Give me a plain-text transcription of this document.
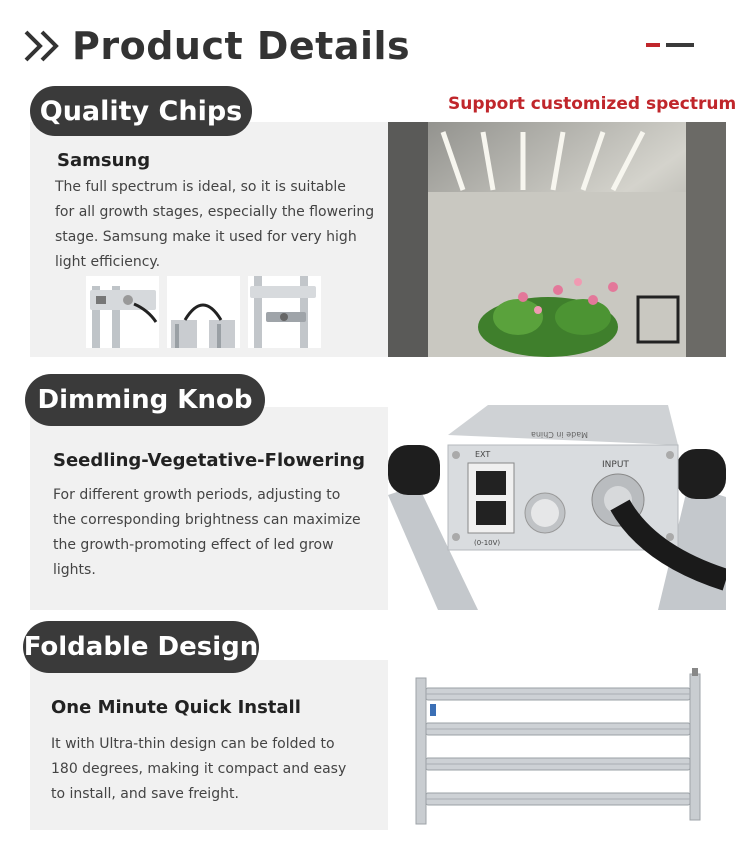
Product Details
Quality Chips	Support customized spectrum
Samsung
The full spectrum is ideal, so it is suitable
for all growth stages, especially the flowering
stage. Samsung make it used for very high
light efficiency.
Dimming Knob
Seedling-Vegetative-Flowering
For different growth periods, adjusting to
the corresponding brightness can maximize
the growth-promoting effect of led grow
lights.
EXT
INPUT
(0-10V)
Made in China
Foldable Design
One Minute Quick Install
It with Ultra-thin design can be folded to
180 degrees, making it compact and easy
to install, and save freight.
